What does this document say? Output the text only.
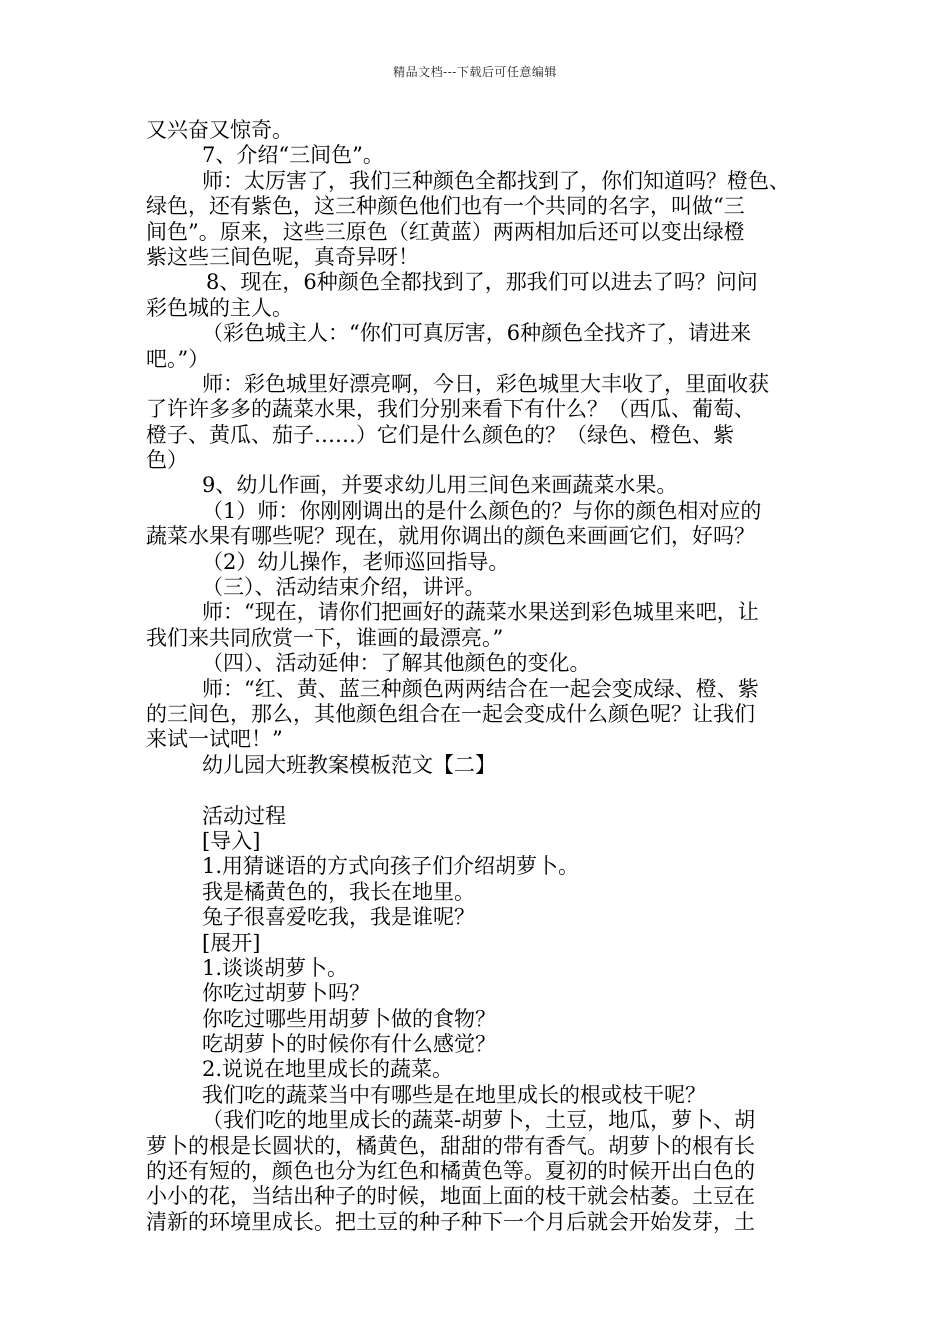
精品文档---下载后可任意编辑
又兴奋又惊奇。
7、介绍“三间色”。
师：太厉害了，我们三种颜色全都找到了，你们知道吗？橙色、
绿色，还有紫色，这三种颜色他们也有一个共同的名字，叫做“三
间色”。原来，这些三原色（红黄蓝）两两相加后还可以变出绿橙
紫这些三间色呢，真奇异呀！
8、现在，6种颜色全都找到了，那我们可以进去了吗？问问
彩色城的主人。
（彩色城主人：“你们可真厉害，6种颜色全找齐了，请进来
吧。”）
师：彩色城里好漂亮啊，今日，彩色城里大丰收了，里面收获
了许许多多的蔬菜水果，我们分别来看下有什么？（西瓜、葡萄、
橙子、黄瓜、茄子……）它们是什么颜色的？（绿色、橙色、紫
色）
9、幼儿作画，并要求幼儿用三间色来画蔬菜水果。
（1）师：你刚刚调出的是什么颜色的？与你的颜色相对应的
蔬菜水果有哪些呢？现在，就用你调出的颜色来画画它们，好吗？
（2）幼儿操作，老师巡回指导。
（三）、活动结束介绍，讲评。
师：“现在，请你们把画好的蔬菜水果送到彩色城里来吧，让
我们来共同欣赏一下，谁画的最漂亮。”
（四）、活动延伸：了解其他颜色的变化。
师：“红、黄、蓝三种颜色两两结合在一起会变成绿、橙、紫
的三间色，那么，其他颜色组合在一起会变成什么颜色呢？让我们
来试一试吧！”
幼儿园大班教案模板范文【二】
活动过程
[导入]
1.用猜谜语的方式向孩子们介绍胡萝卜。
我是橘黄色的，我长在地里。
兔子很喜爱吃我，我是谁呢？
[展开]
1.谈谈胡萝卜。
你吃过胡萝卜吗？
你吃过哪些用胡萝卜做的食物？
吃胡萝卜的时候你有什么感觉？
2.说说在地里成长的蔬菜。
我们吃的蔬菜当中有哪些是在地里成长的根或枝干呢？
（我们吃的地里成长的蔬菜-胡萝卜，土豆，地瓜，萝卜、胡
萝卜的根是长圆状的，橘黄色，甜甜的带有香气。胡萝卜的根有长
的还有短的，颜色也分为红色和橘黄色等。夏初的时候开出白色的
小小的花，当结出种子的时候，地面上面的枝干就会枯萎。土豆在
清新的环境里成长。把土豆的种子种下一个月后就会开始发芽，土
